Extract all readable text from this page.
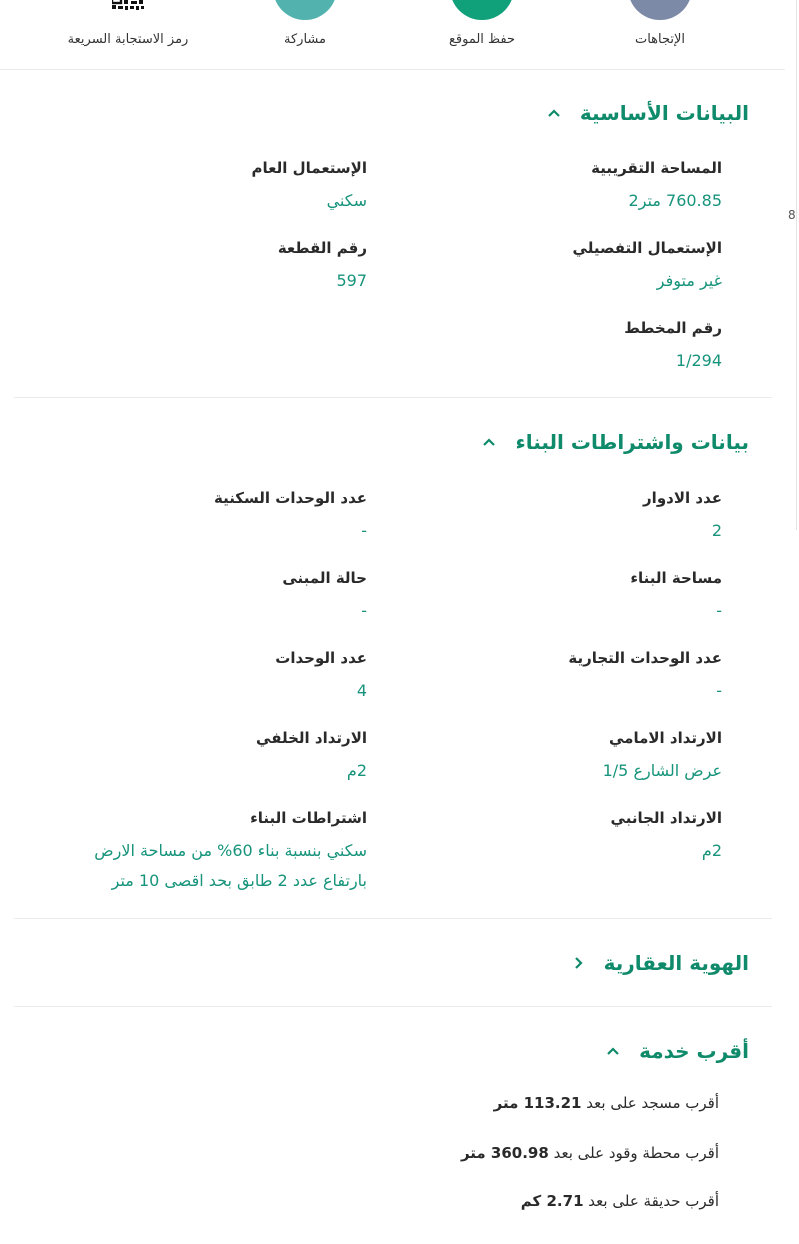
الإتجاهات
حفظ الموقع
مشاركة
رمز الاستجابة السريعة
البيانات الأساسية
المساحة التقريبية
760.85 متر2
الإستعمال العام
سكني
الإستعمال التفصيلي
غير متوفر
رقم القطعة
597
رقم المخطط
1/294
بيانات واشتراطات البناء
عدد الادوار
2
عدد الوحدات السكنية
-
مساحة البناء
-
حالة المبنى
-
عدد الوحدات التجارية
-
عدد الوحدات
4
الارتداد الامامي
عرض الشارع 1/5
الارتداد الخلفي
2م
الارتداد الجانبي
2م
اشتراطات البناء
سكني بنسبة بناء 60% من مساحة الارض
بارتفاع عدد 2 طابق بحد اقصى 10 متر
الهوية العقارية
أقرب خدمة
أقرب مسجد على بعد 113.21 متر
أقرب محطة وقود على بعد 360.98 متر
أقرب حديقة على بعد 2.71 كم
8
